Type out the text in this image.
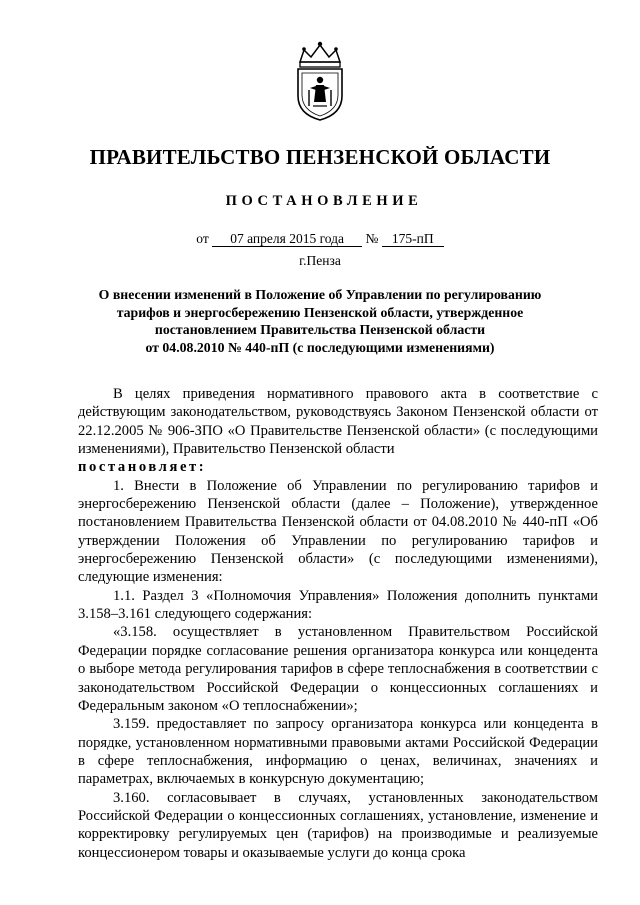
ПРАВИТЕЛЬСТВО ПЕНЗЕНСКОЙ ОБЛАСТИ
ПОСТАНОВЛЕНИЕ
от 07 апреля 2015 года № 175-пП
г.Пенза
О внесении изменений в Положение об Управлении по регулированию
тарифов и энергосбережению Пензенской области, утвержденное
постановлением Правительства Пензенской области
от 04.08.2010 № 440-пП (с последующими изменениями)

В целях приведения нормативного правового акта в соответствие с действующим законодательством, руководствуясь Законом Пензенской области от 22.12.2005 № 906-ЗПО «О Правительстве Пензенской области» (с последующими изменениями), Правительство Пензенской области

постановляет:

1. Внести в Положение об Управлении по регулированию тарифов и энергосбережению Пензенской области (далее – Положение), утвержденное постановлением Правительства Пензенской области от 04.08.2010 № 440-пП «Об утверждении Положения об Управлении по регулированию тарифов и энергосбережению Пензенской области» (с последующими изменениями), следующие изменения:

1.1. Раздел 3 «Полномочия Управления» Положения дополнить пунктами 3.158–3.161 следующего содержания:

«3.158. осуществляет в установленном Правительством Российской Федерации порядке согласование решения организатора конкурса или концедента о выборе метода регулирования тарифов в сфере теплоснабжения в соответствии с законодательством Российской Федерации о концессионных соглашениях и Федеральным законом «О теплоснабжении»;

3.159. предоставляет по запросу организатора конкурса или концедента в порядке, установленном нормативными правовыми актами Российской Федерации в сфере теплоснабжения, информацию о ценах, величинах, значениях и параметрах, включаемых в конкурсную документацию;

3.160. согласовывает в случаях, установленных законодательством Российской Федерации о концессионных соглашениях, установление, изменение и корректировку регулируемых цен (тарифов) на производимые и реализуемые концессионером товары и оказываемые услуги до конца срока
